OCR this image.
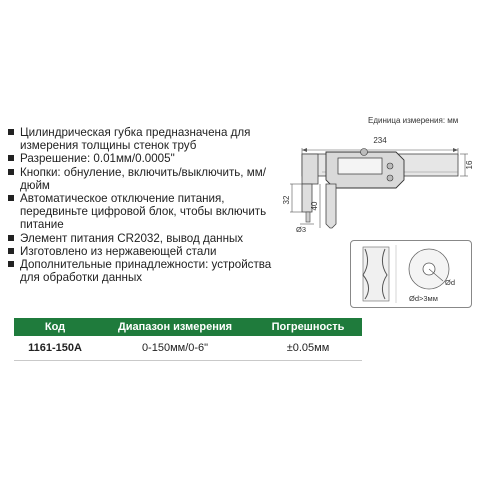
Цилиндрическая губка предназначена для измерения толщины стенок труб
Разрешение: 0.01мм/0.0005"
Кнопки: обнуление, включить/выключить, мм/дюйм
Автоматическое отключение питания, передвиньте цифровой блок, чтобы включить питание
Элемент питания CR2032, вывод данных
Изготовлено из нержавеющей стали
Дополнительные принадлежности: устройства для обработки данных
Единица измерения: мм
234
16
40
32
Ø3
Ød
Ød>3мм
Код	Диапазон измерения	Погрешность
1161-150A	0-150мм/0-6"	±0.05мм
